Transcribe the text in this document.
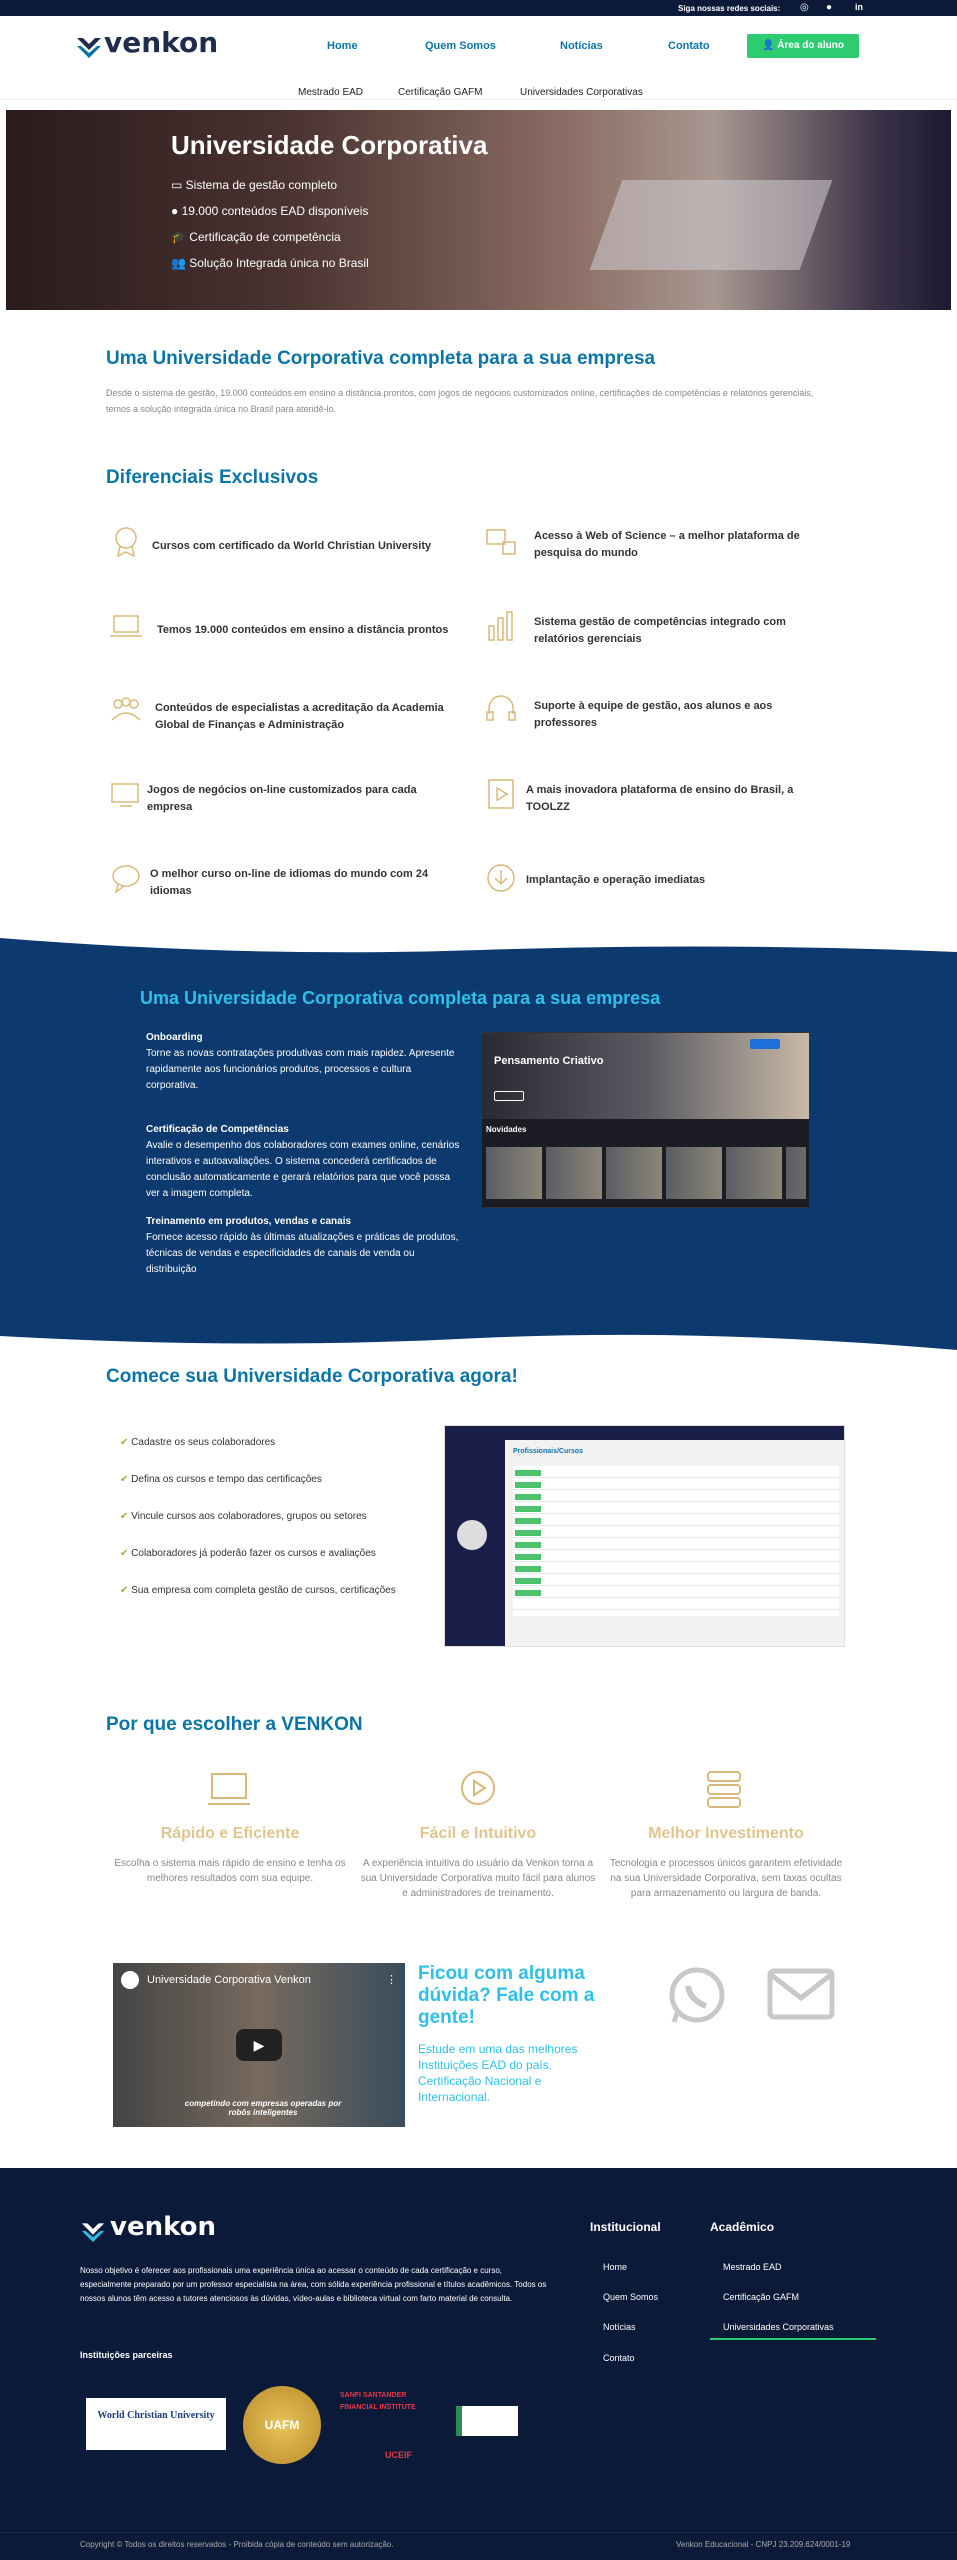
Siga nossas redes sociais: ◎ ●	in
venkon	Home	Quem Somos	Notícias	Contato	👤 Área do aluno
Mestrado EAD	Certificação GAFM	Universidades Corporativas
Universidade Corporativa
▭ Sistema de gestão completo
● 19.000 conteúdos EAD disponíveis
🎓 Certificação de competência
👥 Solução Integrada única no Brasil
Uma Universidade Corporativa completa para a sua empresa

Desde o sistema de gestão, 19.000 conteúdos em ensino a distância prontos, com jogos de negócios customizados online, certificações de competências e relatórios gerenciais, temos a solução integrada única no Brasil para atendê-lo.

Diferenciais Exclusivos
Cursos com certificado da World Christian University
Acesso à Web of Science – a melhor plataforma de pesquisa do mundo
Temos 19.000 conteúdos em ensino a distância prontos
Sistema gestão de competências integrado com relatórios gerenciais
Conteúdos de especialistas a acreditação da Academia Global de Finanças e Administração
Suporte à equipe de gestão, aos alunos e aos professores
Jogos de negócios on-line customizados para cada empresa
A mais inovadora plataforma de ensino do Brasil, a TOOLZZ
O melhor curso on-line de idiomas do mundo com 24 idiomas
Implantação e operação imediatas
Uma Universidade Corporativa completa para a sua empresa
Onboarding
Torne as novas contratações produtivas com mais rapidez. Apresente rapidamente aos funcionários produtos, processos e cultura corporativa.
Certificação de Competências
Avalie o desempenho dos colaboradores com exames online, cenários interativos e autoavaliações. O sistema concederá certificados de conclusão automaticamente e gerará relatórios para que você possa ver a imagem completa.
Treinamento em produtos, vendas e canais
Fornece acesso rápido às últimas atualizações e práticas de produtos, técnicas de vendas e especificidades de canais de venda ou distribuição
Pensamento Criativo
Novidades
Comece sua Universidade Corporativa agora!
✔ Cadastre os seus colaboradores
✔ Defina os cursos e tempo das certificações
✔ Vincule cursos aos colaboradores, grupos ou setores
✔ Colaboradores já poderão fazer os cursos e avaliações
✔ Sua empresa com completa gestão de cursos, certificações
Profissionais/Cursos
Por que escolher a VENKON
Rápido e Eficiente	Fácil e Intuitivo	Melhor Investimento
Escolha o sistema mais rápido de ensino e tenha os melhores resultados com sua equipe.
A experiência intuitiva do usuário da Venkon torna a sua Universidade Corporativa muito fácil para alunos e administradores de treinamento.
Tecnologia e processos únicos garantem efetividade na sua Universidade Corporativa, sem taxas ocultas para armazenamento ou largura de banda.
Universidade Corporativa Venkon	⋮
▶
competindo com empresas operadas por robôs inteligentes
Ficou com alguma dúvida? Fale com a gente!
Estude em uma das melhores Instituições EAD do país. Certificação Nacional e Internacional.
venkon

Nosso objetivo é oferecer aos profissionais uma experiência única ao acessar o conteúdo de cada certificação e curso, especialmente preparado por um professor especialista na área, com sólida experiência profissional e títulos acadêmicos. Todos os nossos alunos têm acesso a tutores atenciosos às dúvidas, vídeo-aulas e biblioteca virtual com farto material de consulta.

Instituições parceiras
World Christian University
UAFM
SANFI SANTANDER FINANCIAL INSTITUTE
UCEIF
Institucional
Home
Quem Somos
Notícias
Contato
Acadêmico
Mestrado EAD
Certificação GAFM
Universidades Corporativas
Copyright © Todos os direitos reservados - Proibida cópia de conteúdo sem autorização.	Venkon Educacional - CNPJ 23.209.624/0001-19
